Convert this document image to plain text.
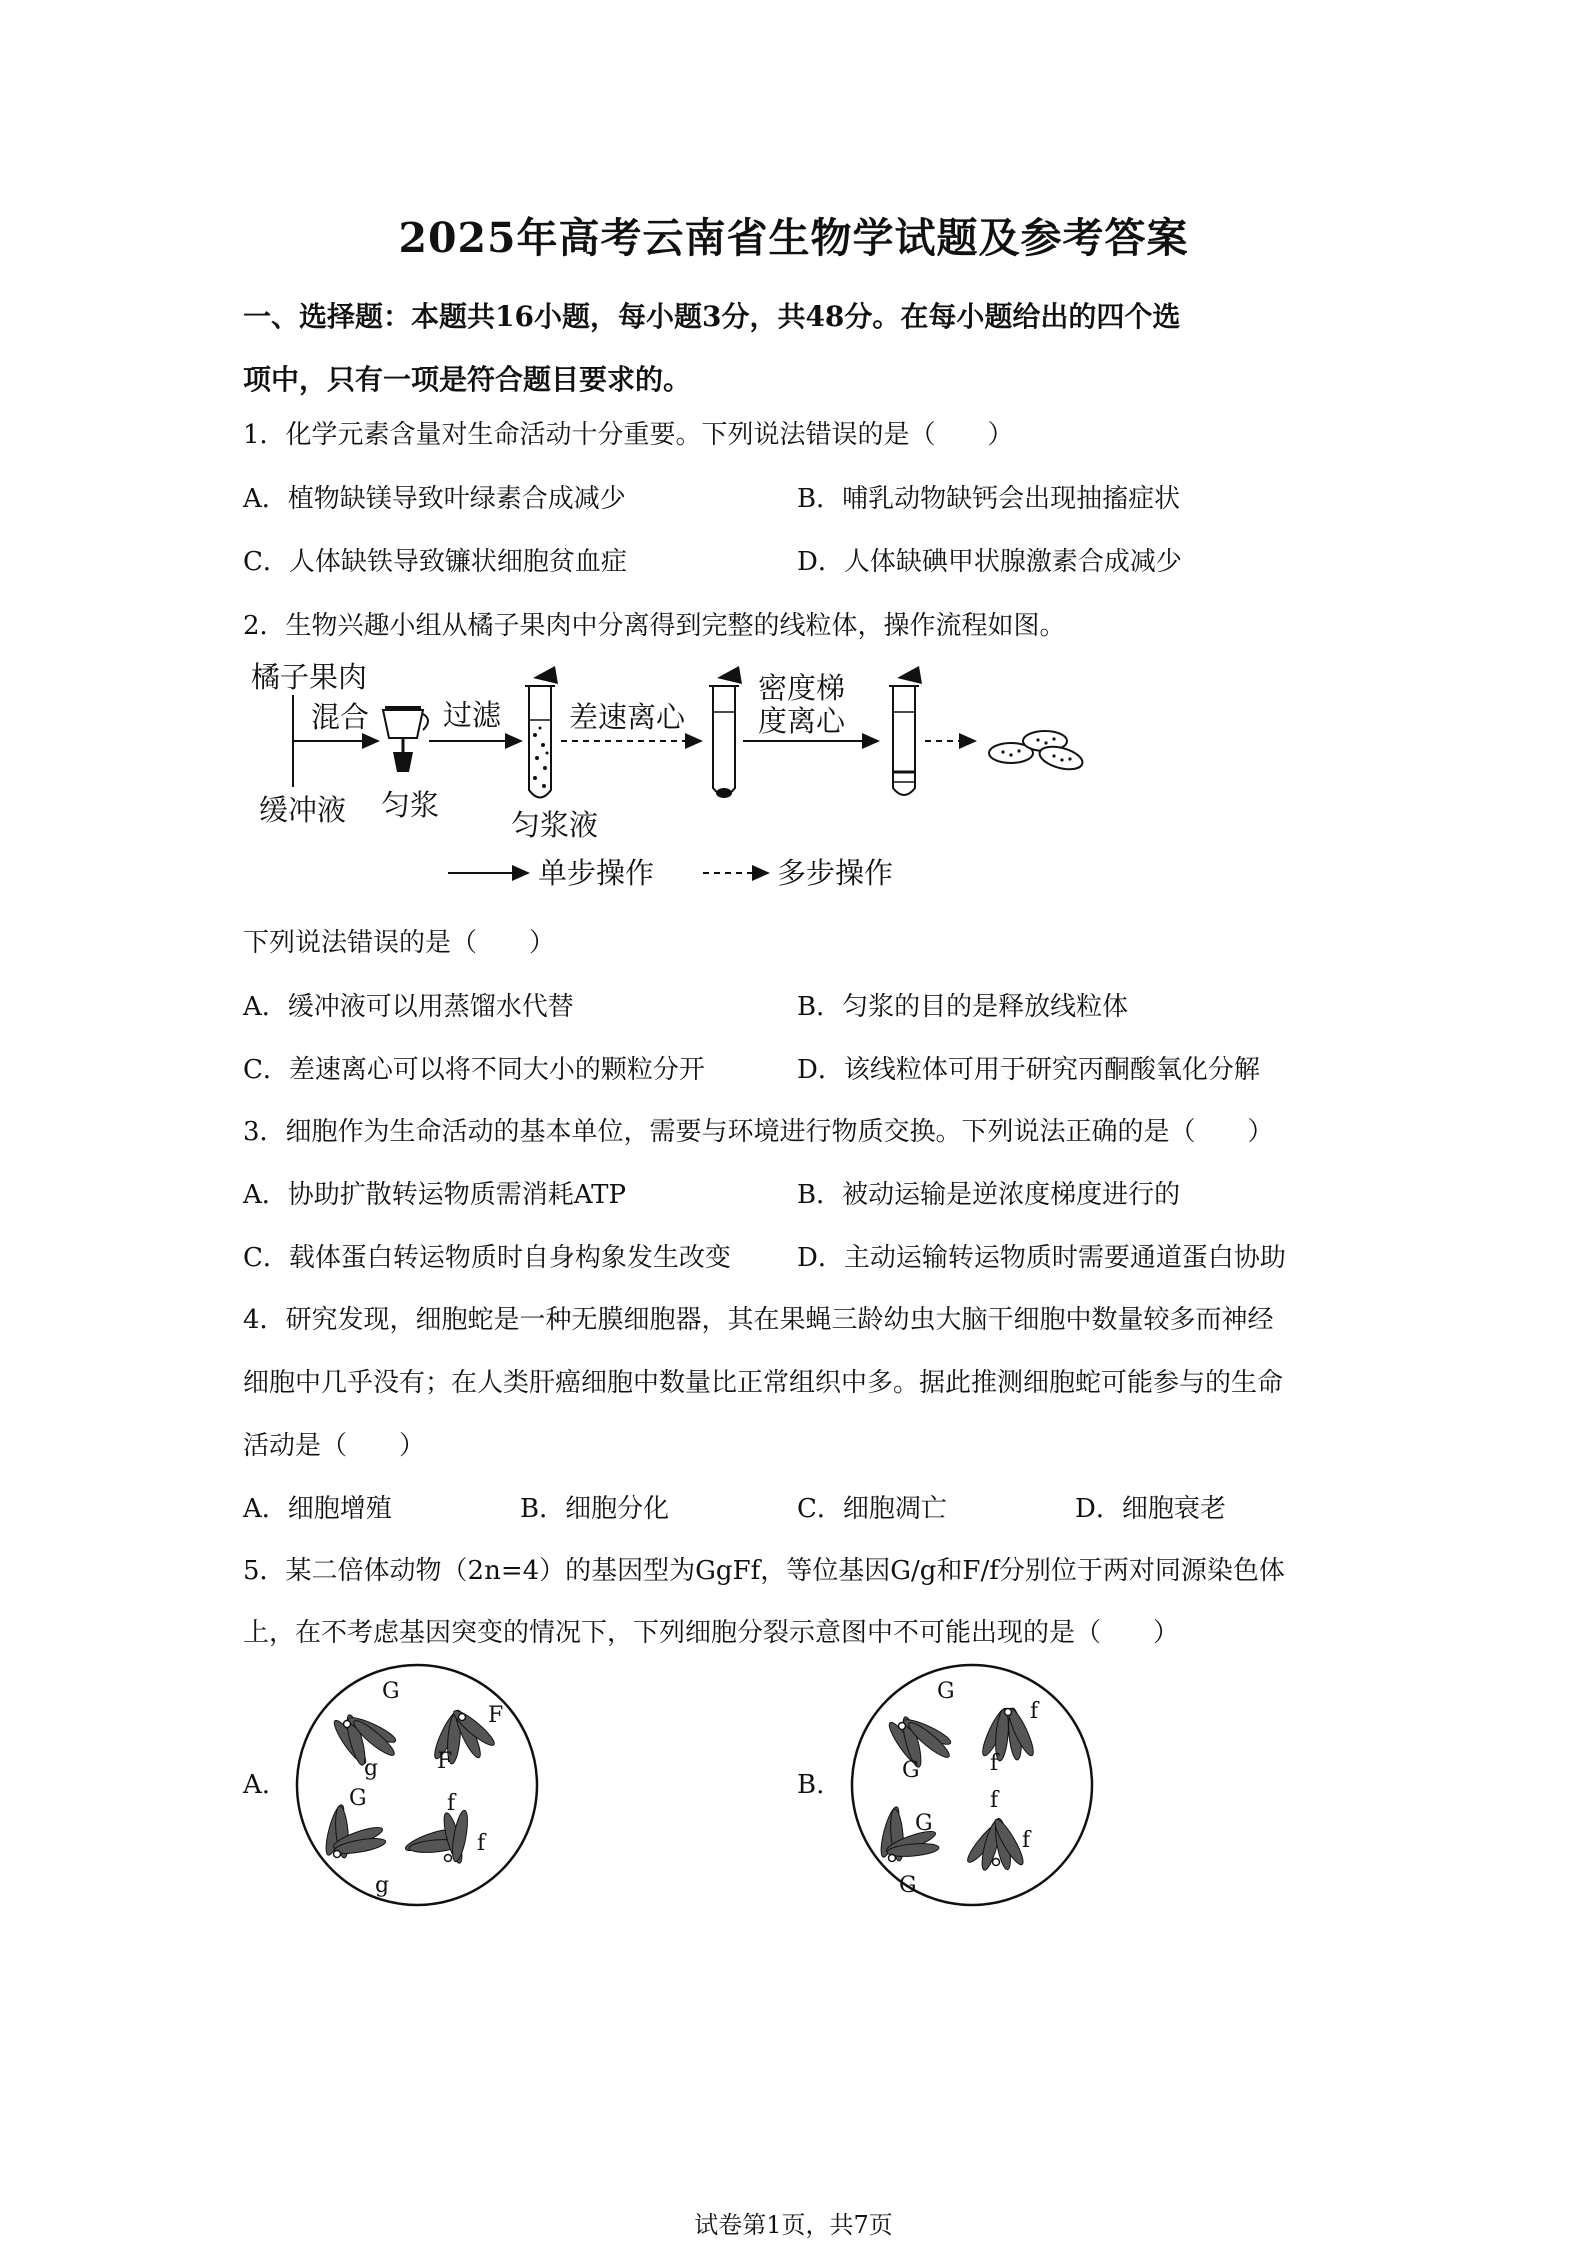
2025年高考云南省生物学试题及参考答案
一、选择题：本题共16小题，每小题3分，共48分。在每小题给出的四个选
项中，只有一项是符合题目要求的。
1．化学元素含量对生命活动十分重要。下列说法错误的是（　　）
A．植物缺镁导致叶绿素合成减少	B．哺乳动物缺钙会出现抽搐症状
C．人体缺铁导致镰状细胞贫血症	D．人体缺碘甲状腺激素合成减少
2．生物兴趣小组从橘子果肉中分离得到完整的线粒体，操作流程如图。
橘子果肉
混合
缓冲液 匀浆
过滤
匀浆液
差速离心
密度梯
度离心
单步操作	多步操作
下列说法错误的是（　　）
A．缓冲液可以用蒸馏水代替	B．匀浆的目的是释放线粒体
C．差速离心可以将不同大小的颗粒分开	D．该线粒体可用于研究丙酮酸氧化分解
3．细胞作为生命活动的基本单位，需要与环境进行物质交换。下列说法正确的是（　　）
A．协助扩散转运物质需消耗ATP	B．被动运输是逆浓度梯度进行的
C．载体蛋白转运物质时自身构象发生改变	D．主动运输转运物质时需要通道蛋白协助
4．研究发现，细胞蛇是一种无膜细胞器，其在果蝇三龄幼虫大脑干细胞中数量较多而神经
细胞中几乎没有；在人类肝癌细胞中数量比正常组织中多。据此推测细胞蛇可能参与的生命
活动是（　　）
A．细胞增殖	B．细胞分化	C．细胞凋亡	D．细胞衰老
5．某二倍体动物（2n=4）的基因型为GgFf，等位基因G/g和F/f分别位于两对同源染色体
上，在不考虑基因突变的情况下，下列细胞分裂示意图中不可能出现的是（　　）
A.
G
g
F
F
G
g
f
f
B.
G
G
f
f
G
G
f
f
试卷第1页，共7页
